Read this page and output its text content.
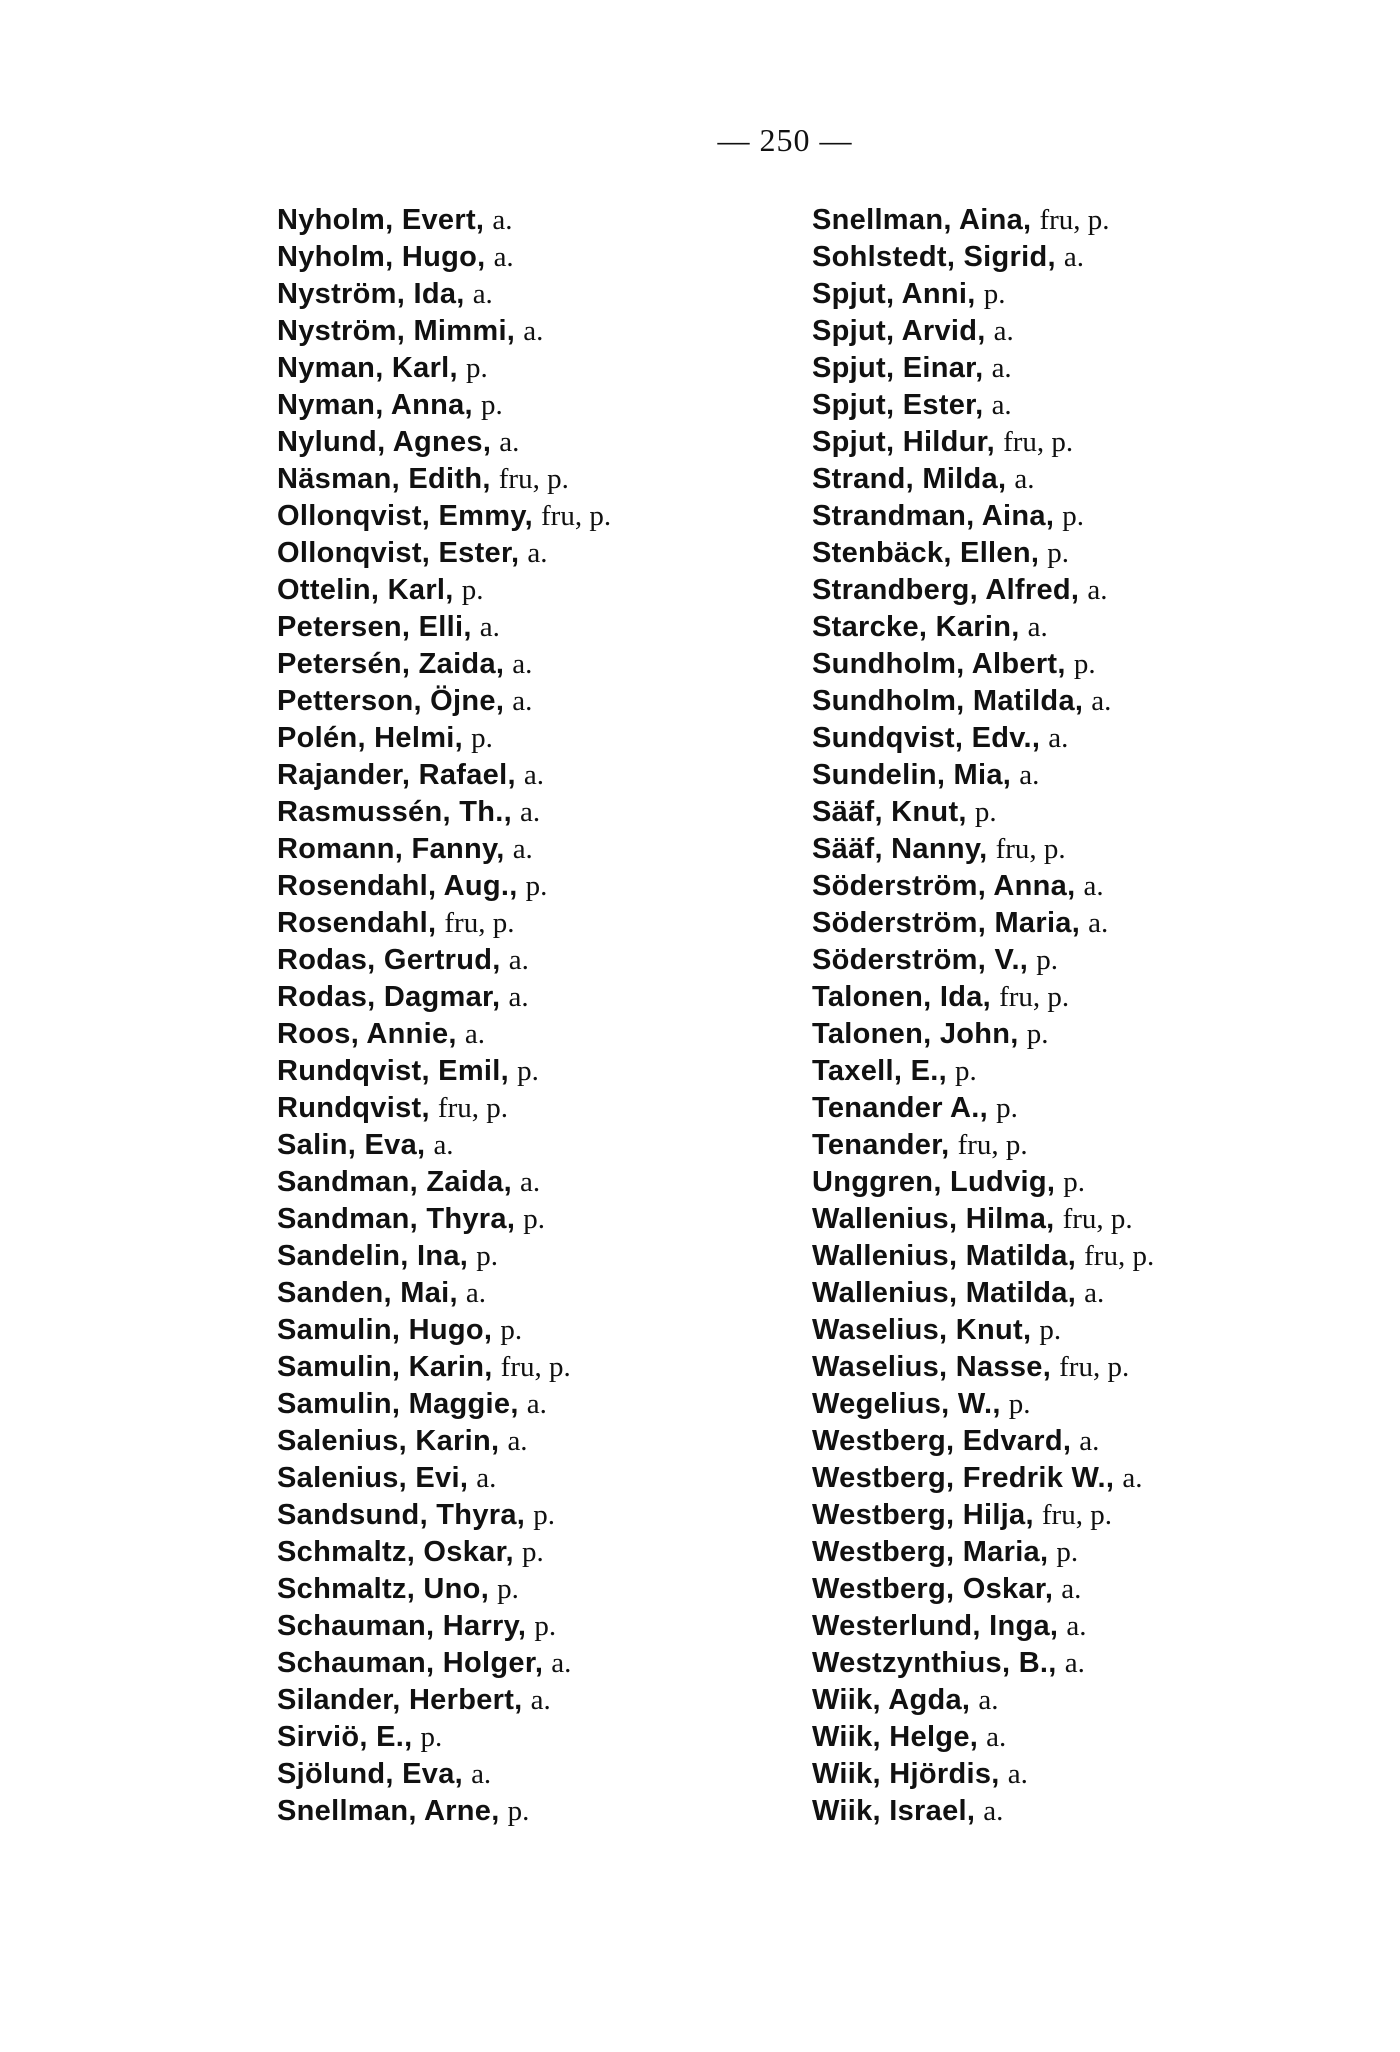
— 250 —
Nyholm, Evert, a.
Nyholm, Hugo, a.
Nyström, Ida, a.
Nyström, Mimmi, a.
Nyman, Karl, p.
Nyman, Anna, p.
Nylund, Agnes, a.
Näsman, Edith, fru, p.
Ollonqvist, Emmy, fru, p.
Ollonqvist, Ester, a.
Ottelin, Karl, p.
Petersen, Elli, a.
Petersén, Zaida, a.
Petterson, Öjne, a.
Polén, Helmi, p.
Rajander, Rafael, a.
Rasmussén, Th., a.
Romann, Fanny, a.
Rosendahl, Aug., p.
Rosendahl, fru, p.
Rodas, Gertrud, a.
Rodas, Dagmar, a.
Roos, Annie, a.
Rundqvist, Emil, p.
Rundqvist, fru, p.
Salin, Eva, a.
Sandman, Zaida, a.
Sandman, Thyra, p.
Sandelin, Ina, p.
Sanden, Mai, a.
Samulin, Hugo, p.
Samulin, Karin, fru, p.
Samulin, Maggie, a.
Salenius, Karin, a.
Salenius, Evi, a.
Sandsund, Thyra, p.
Schmaltz, Oskar, p.
Schmaltz, Uno, p.
Schauman, Harry, p.
Schauman, Holger, a.
Silander, Herbert, a.
Sirviö, E., p.
Sjölund, Eva, a.
Snellman, Arne, p.
Snellman, Aina, fru, p.
Sohlstedt, Sigrid, a.
Spjut, Anni, p.
Spjut, Arvid, a.
Spjut, Einar, a.
Spjut, Ester, a.
Spjut, Hildur, fru, p.
Strand, Milda, a.
Strandman, Aina, p.
Stenbäck, Ellen, p.
Strandberg, Alfred, a.
Starcke, Karin, a.
Sundholm, Albert, p.
Sundholm, Matilda, a.
Sundqvist, Edv., a.
Sundelin, Mia, a.
Sääf, Knut, p.
Sääf, Nanny, fru, p.
Söderström, Anna, a.
Söderström, Maria, a.
Söderström, V., p.
Talonen, Ida, fru, p.
Talonen, John, p.
Taxell, E., p.
Tenander A., p.
Tenander, fru, p.
Unggren, Ludvig, p.
Wallenius, Hilma, fru, p.
Wallenius, Matilda, fru, p.
Wallenius, Matilda, a.
Waselius, Knut, p.
Waselius, Nasse, fru, p.
Wegelius, W., p.
Westberg, Edvard, a.
Westberg, Fredrik W., a.
Westberg, Hilja, fru, p.
Westberg, Maria, p.
Westberg, Oskar, a.
Westerlund, Inga, a.
Westzynthius, B., a.
Wiik, Agda, a.
Wiik, Helge, a.
Wiik, Hjördis, a.
Wiik, Israel, a.
